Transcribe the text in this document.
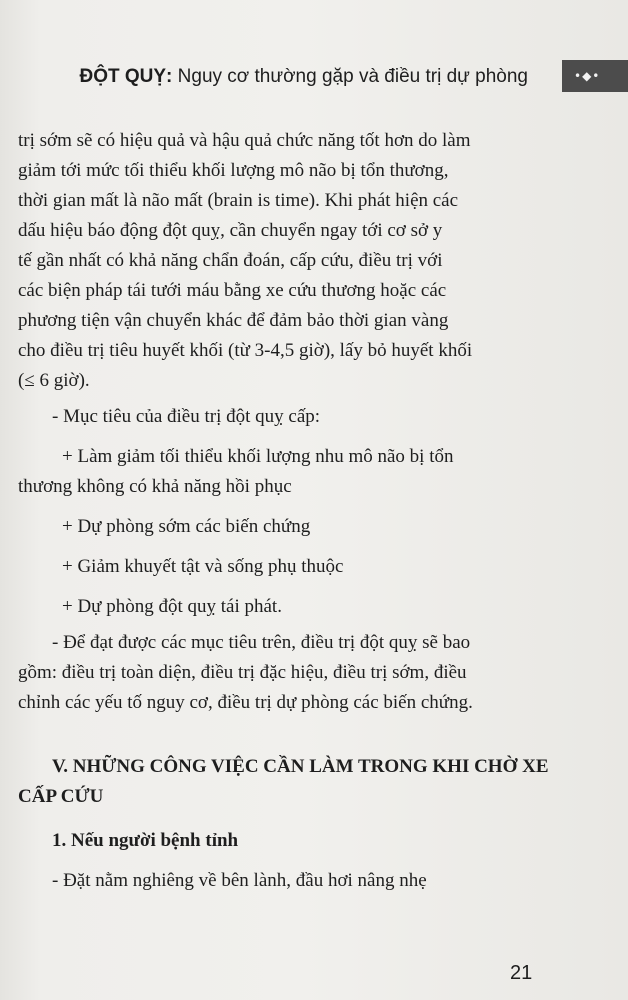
ĐỘT QUỴ: Nguy cơ thường gặp và điều trị dự phòng	•◆•
trị sớm sẽ có hiệu quả và hậu quả chức năng tốt hơn do làm
giảm tới mức tối thiểu khối lượng mô não bị tổn thương,
thời gian mất là não mất (brain is time). Khi phát hiện các
dấu hiệu báo động đột quỵ, cần chuyển ngay tới cơ sở y
tế gần nhất có khả năng chẩn đoán, cấp cứu, điều trị với
các biện pháp tái tưới máu bằng xe cứu thương hoặc các
phương tiện vận chuyển khác để đảm bảo thời gian vàng
cho điều trị tiêu huyết khối (từ 3-4,5 giờ), lấy bỏ huyết khối
(≤ 6 giờ).
- Mục tiêu của điều trị đột quỵ cấp:
+ Làm giảm tối thiểu khối lượng nhu mô não bị tổn
thương không có khả năng hồi phục
+ Dự phòng sớm các biến chứng
+ Giảm khuyết tật và sống phụ thuộc
+ Dự phòng đột quỵ tái phát.
- Để đạt được các mục tiêu trên, điều trị đột quỵ sẽ bao
gồm: điều trị toàn diện, điều trị đặc hiệu, điều trị sớm, điều
chỉnh các yếu tố nguy cơ, điều trị dự phòng các biến chứng.
V. NHỮNG CÔNG VIỆC CẦN LÀM TRONG KHI CHỜ XE
CẤP CỨU
1. Nếu người bệnh tỉnh
- Đặt nằm nghiêng về bên lành, đầu hơi nâng nhẹ
21
